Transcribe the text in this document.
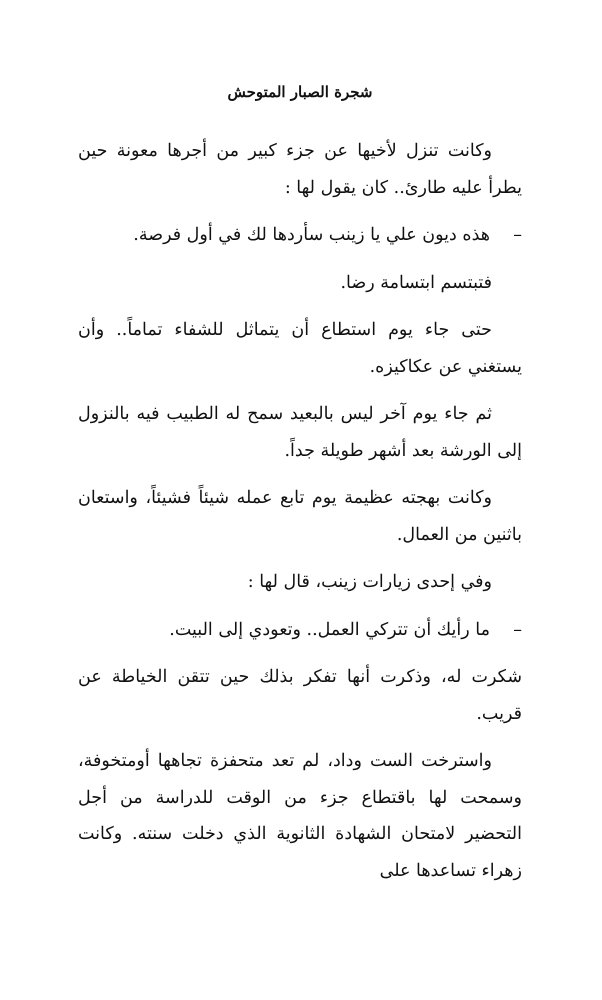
شجرة الصبار المتوحش

وكانت تنزل لأخيها عن جزء كبير من أجرها معونة حين يطرأ عليه طارئ.. كان يقول لها :

–
هذه ديون علي يا زينب سأردها لك في أول فرصة.

فتبتسم ابتسامة رضا.

حتى جاء يوم استطاع أن يتماثل للشفاء تماماً.. وأن يستغني عن عكاكيزه.

ثم جاء يوم آخر ليس بالبعيد سمح له الطبيب فيه بالنزول إلى الورشة بعد أشهر طويلة جداً.

وكانت بهجته عظيمة يوم تابع عمله شيئاً فشيئاً، واستعان باثنين من العمال.

وفي إحدى زيارات زينب، قال لها :

–
ما رأيك أن تتركي العمل.. وتعودي إلى البيت.

شكرت له، وذكرت أنها تفكر بذلك حين تتقن الخياطة عن قريب.

واسترخت الست وداد، لم تعد متحفزة تجاهها أومتخوفة، وسمحت لها باقتطاع جزء من الوقت للدراسة من أجل التحضير لامتحان الشهادة الثانوية الذي دخلت سنته. وكانت زهراء تساعدها على
